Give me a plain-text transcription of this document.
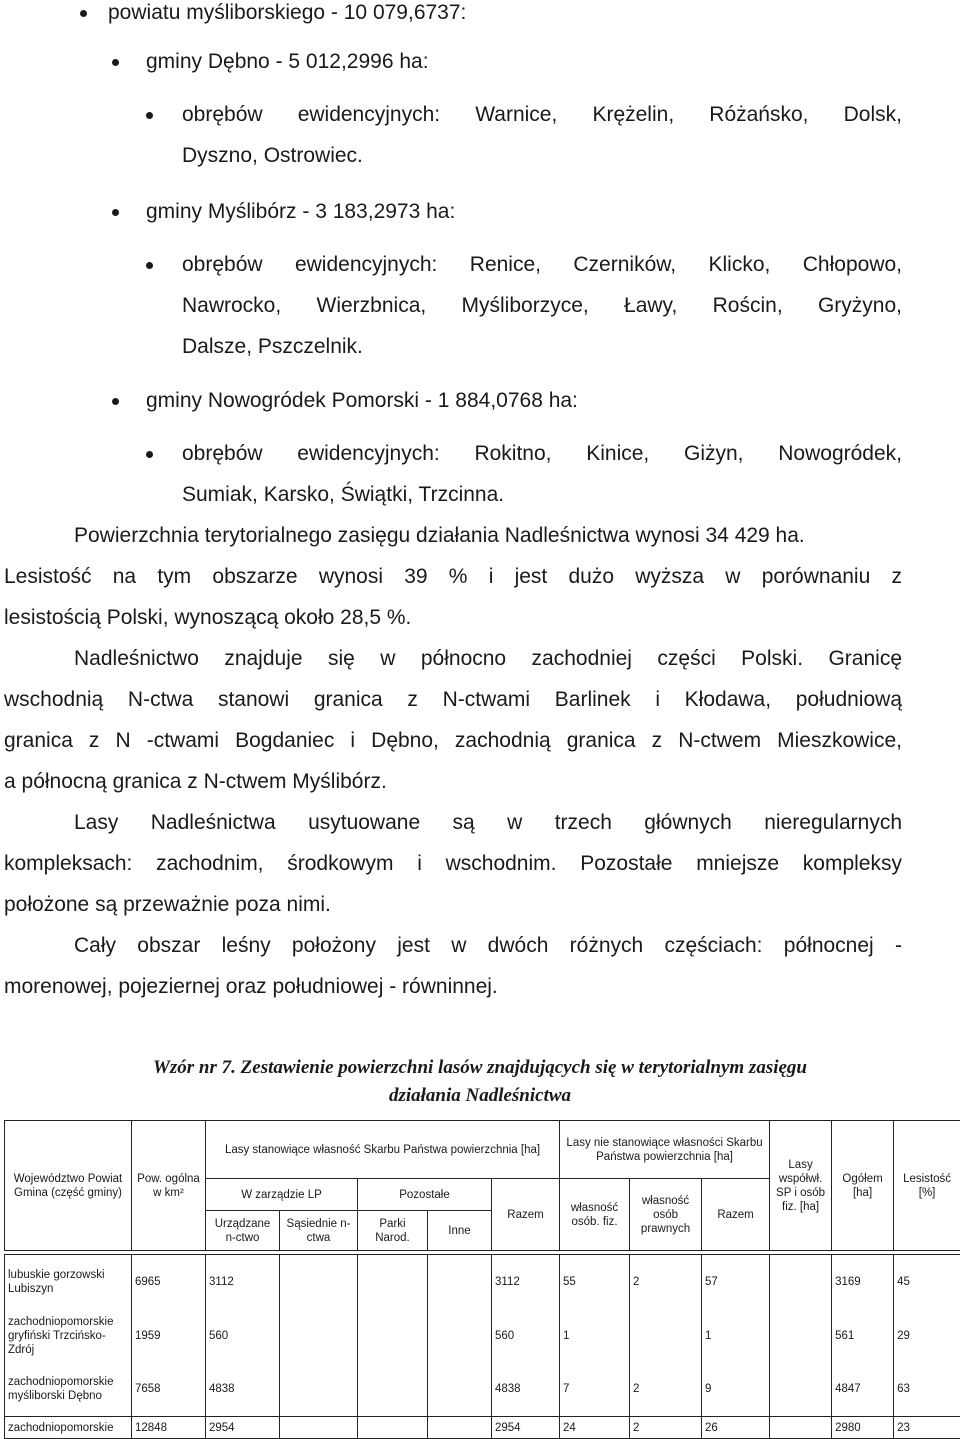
powiatu myśliborskiego - 10 079,6737:
gminy Dębno - 5 012,2996 ha:
obrębów ewidencyjnych: Warnice, Krężelin, Różańsko, Dolsk,
Dyszno, Ostrowiec.
gminy Myślibórz - 3 183,2973 ha:
obrębów ewidencyjnych: Renice, Czerników, Klicko, Chłopowo,
Nawrocko, Wierzbnica, Myśliborzyce, Ławy, Rościn, Gryżyno,
Dalsze, Pszczelnik.
gminy Nowogródek Pomorski - 1 884,0768 ha:
obrębów ewidencyjnych: Rokitno, Kinice, Giżyn, Nowogródek,
Sumiak, Karsko, Świątki, Trzcinna.
Powierzchnia terytorialnego zasięgu działania Nadleśnictwa wynosi 34 429 ha.
Lesistość na tym obszarze wynosi 39 % i jest dużo wyższa w porównaniu z
lesistością Polski, wynoszącą około 28,5 %.
Nadleśnictwo znajduje się w północno zachodniej części Polski. Granicę
wschodnią N-ctwa stanowi granica z N-ctwami Barlinek i Kłodawa, południową
granica z N -ctwami Bogdaniec i Dębno, zachodnią granica z N-ctwem Mieszkowice,
a północną granica z N-ctwem Myślibórz.
Lasy Nadleśnictwa usytuowane są w trzech głównych nieregularnych
kompleksach: zachodnim, środkowym i wschodnim. Pozostałe mniejsze kompleksy
położone są przeważnie poza nimi.
Cały obszar leśny położony jest w dwóch różnych częściach: północnej -
morenowej, pojeziernej oraz południowej - równinnej.
Wzór nr 7. Zestawienie powierzchni lasów znajdujących się w terytorialnym zasięgu
działania Nadleśnictwa
Województwo Powiat Gmina (część gminy)	Pow. ogólna w km²	Lasy stanowiące własność Skarbu Państwa powierzchnia [ha]					Lasy nie stanowiące własności Skarbu Państwa powierzchnia [ha]			Lasy współwł. SP i osób fiz. [ha]	Ogółem [ha]	Lesistość [%]
		W zarządzie LP		Pozostałe		Razem	własność osób. fiz.	własność osób prawnych	Razem			
		Urządzane n-ctwo	Sąsiednie n-ctwa	Parki Narod.	Inne							

lubuskie gorzowski Lubiszyn	6965	3112				3112	55	2	57		3169	45
zachodniopomorskie gryfiński Trzcińsko-Zdrój	1959	560				560	1		1		561	29
zachodniopomorskie myśliborski Dębno	7658	4838				4838	7	2	9		4847	63
zachodniopomorskie	12848	2954				2954	24	2	26		2980	23
